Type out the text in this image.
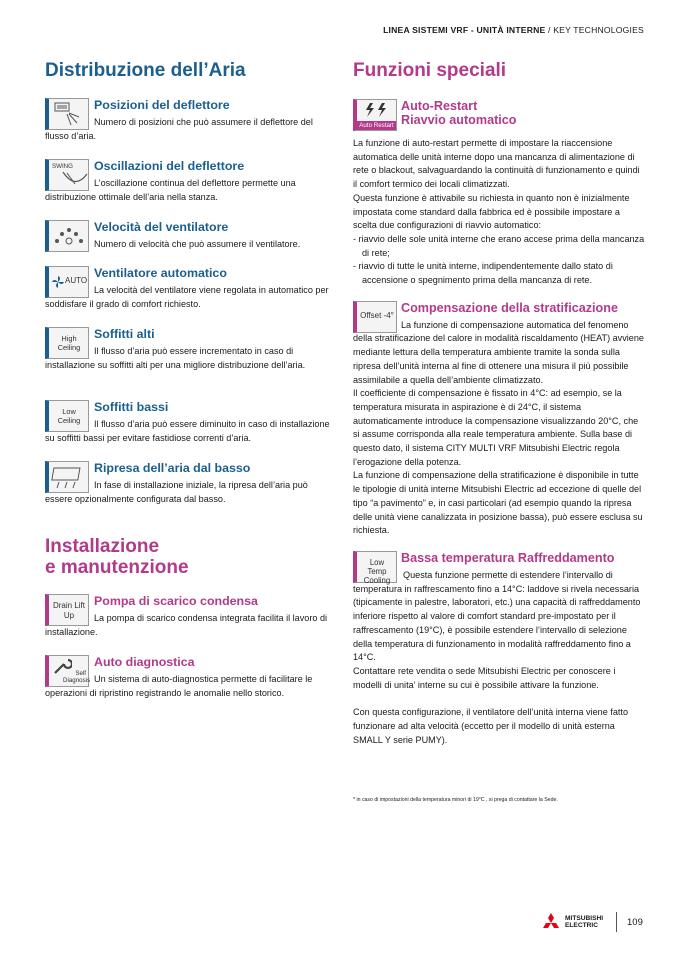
LINEA SISTEMI VRF - UNITÀ INTERNE / KEY TECHNOLOGIES
Distribuzione dell’Aria
Posizioni del deflettore
Numero di posizioni che può assumere il deflettore del flusso d’aria.
SWING	Oscillazioni del deflettore
L’oscillazione continua del deflettore permette una distribuzione ottimale dell’aria nella stanza.
Velocità del ventilatore
Numero di velocità che può assumere il ventilatore.
AUTO
Ventilatore automatico
La velocità del ventilatore viene regolata in automatico per soddisfare il grado di comfort richiesto.
High Ceiling
Soffitti alti
Il flusso d’aria può essere incrementato in caso di installazione su soffitti alti per una migliore distribuzione dell’aria.
Low Ceiling
Soffitti bassi
Il flusso d’aria può essere diminuito in caso di installazione su soffitti bassi per evitare fastidiose correnti d’aria.
Ripresa dell’aria dal basso
In fase di installazione iniziale, la ripresa dell’aria può essere opzionalmente configurata dal basso.
Installazione
e manutenzione
Drain Lift Up
Pompa di scarico condensa
La pompa di scarico condensa integrata facilita il lavoro di installazione.
Self Diagnosis
Auto diagnostica
Un sistema di auto-diagnostica permette di facilitare le operazioni di ripristino registrando le anomalie nello storico.
Funzioni speciali
Auto Restart
Auto-Restart
Riavvio automatico

La funzione di auto-restart permette di impostare la riaccensione automatica delle unità interne dopo una mancanza di alimentazione di rete o blackout, salvaguardando la continuità di funzionamento e quindi il comfort termico dei locali climatizzati.

Questa funzione è attivabile su richiesta in quanto non è inizialmente impostata come standard dalla fabbrica ed è possibile impostare a scelta due configurazioni di riavvio automatico:

- riavvio delle sole unità interne che erano accese prima della mancanza di rete;

- riavvio di tutte le unità interne, indipendentemente dallo stato di accensione o spegnimento prima della mancanza di rete.

Offset -4°
Compensazione della stratificazione

La funzione di compensazione automatica del fenomeno della stratificazione del calore in modalità riscaldamento (HEAT) avviene mediante lettura della temperatura ambiente tramite la sonda sulla ripresa dell’unità interna al fine di ottenere una misura il più possibile assimilabile a quella dell’ambiente climatizzato.

Il coefficiente di compensazione è fissato in 4°C: ad esempio, se la temperatura misurata in aspirazione è di 24°C, il sistema automaticamente introduce la compensazione visualizzando 20°C, che si assume corrisponda alla reale temperatura ambiente. Sulla base di questo dato, il sistema CITY MULTI VRF Mitsubishi Electric regola l’erogazione della potenza.

La funzione di compensazione della stratificazione è disponibile in tutte le tipologie di unità interne Mitsubishi Electric ad eccezione di quelle del tipo “a pavimento” e, in casi particolari (ad esempio quando la ripresa delle unità viene canalizzata in posizione bassa), può essere esclusa su richiesta.

Low Temp Cooling
Bassa temperatura Raffreddamento

Questa funzione permette di estendere l’intervallo di temperatura in raffrescamento fino a 14°C: laddove si rivela necessaria (tipicamente in palestre, laboratori, etc.) una capacità di raffreddamento inferiore rispetto al valore di comfort standard pre-impostato per il raffrescamento (19°C), è possibile estendere l’intervallo di selezione della temperatura di funzionamento in modalità raffreddamento fino a 14°C.

Contattare rete vendita o sede Mitsubishi Electric per conoscere i modelli di unita’ interne su cui è possibile attivare la funzione.

Con questa configurazione, il ventilatore dell’unità interna viene fatto funzionare ad alta velocità (eccetto per il modello di unità esterna SMALL Y serie PUMY).

* in caso di impostazioni della temperatura minori di 19°C , si prega di contattare la Sede.
MITSUBISHI
ELECTRIC	109
